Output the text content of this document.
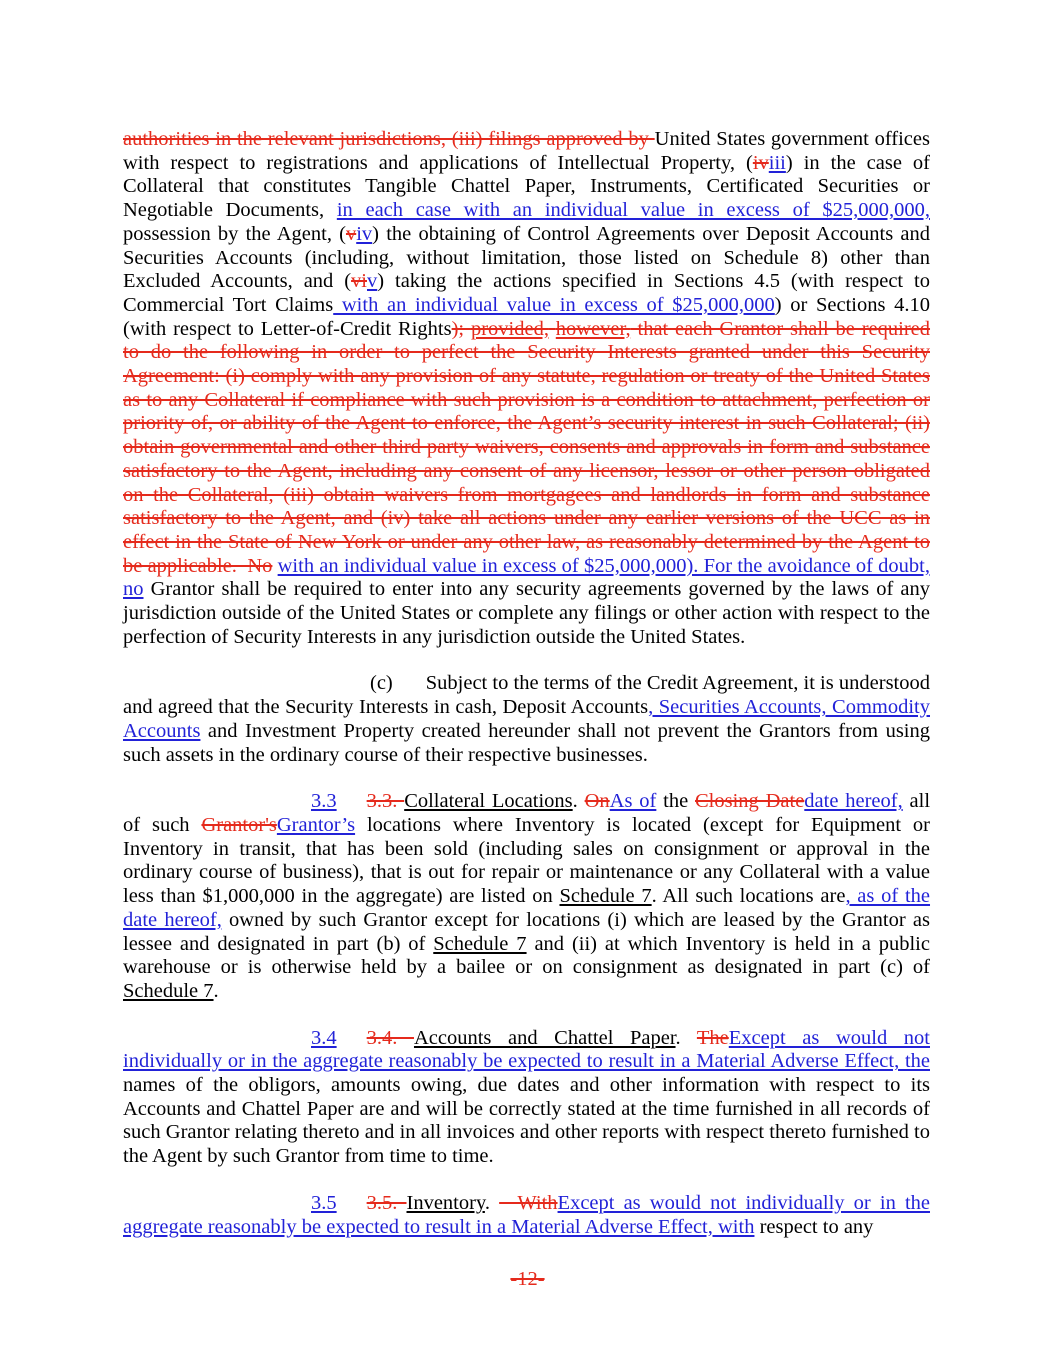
authorities in the relevant jurisdictions, (iii) filings approved by United States government offices with respect to registrations and applications of Intellectual Property, (iviii) in the case of Collateral that constitutes Tangible Chattel Paper, Instruments, Certificated Securities or Negotiable Documents, in each case with an individual value in excess of $25,000,000, possession by the Agent, (viv) the obtaining of Control Agreements over Deposit Accounts and Securities Accounts (including, without limitation, those listed on Schedule 8) other than Excluded Accounts, and (viv) taking the actions specified in Sections 4.5 (with respect to Commercial Tort Claims with an individual value in excess of $25,000,000) or Sections 4.10 (with respect to Letter-of-Credit Rights); provided, however, that each Grantor shall be required to do the following in order to perfect the Security Interests granted under this Security Agreement: (i) comply with any provision of any statute, regulation or treaty of the United States as to any Collateral if compliance with such provision is a condition to attachment, perfection or priority of, or ability of the Agent to enforce, the Agent’s security interest in such Collateral; (ii) obtain governmental and other third party waivers, consents and approvals in form and substance satisfactory to the Agent, including any consent of any licensor, lessor or other person obligated on the Collateral, (iii) obtain waivers from mortgagees and landlords in form and substance satisfactory to the Agent, and (iv) take all actions under any earlier versions of the UCC as in effect in the State of New York or under any other law, as reasonably determined by the Agent to be applicable.  No with an individual value in excess of $25,000,000). For the avoidance of doubt, no Grantor shall be required to enter into any security agreements governed by the laws of any jurisdiction outside of the United States or complete any filings or other action with respect to the perfection of Security Interests in any jurisdiction outside the United States.

(c) Subject to the terms of the Credit Agreement, it is understood and agreed that the Security Interests in cash, Deposit Accounts, Securities Accounts, Commodity Accounts and Investment Property created hereunder shall not prevent the Grantors from using such assets in the ordinary course of their respective businesses.

3.3 3.3. Collateral Locations. OnAs of the Closing Datedate hereof, all of such Grantor'sGrantor’s locations where Inventory is located (except for Equipment or Inventory in transit, that has been sold (including sales on consignment or approval in the ordinary course of business), that is out for repair or maintenance or any Collateral with a value less than $1,000,000 in the aggregate) are listed on Schedule 7. All such locations are, as of the date hereof, owned by such Grantor except for locations (i) which are leased by the Grantor as lessee and designated in part (b) of Schedule 7 and (ii) at which Inventory is held in a public warehouse or is otherwise held by a bailee or on consignment as designated in part (c) of Schedule 7.

3.4 3.4. Accounts and Chattel Paper. TheExcept as would not individually or in the aggregate reasonably be expected to result in a Material Adverse Effect, the names of the obligors, amounts owing, due dates and other information with respect to its Accounts and Chattel Paper are and will be correctly stated at the time furnished in all records of such Grantor relating thereto and in all invoices and other reports with respect thereto furnished to the Agent by such Grantor from time to time.

3.5 3.5. Inventory.   WithExcept as would not individually or in the aggregate reasonably be expected to result in a Material Adverse Effect, with respect to any

-12-
